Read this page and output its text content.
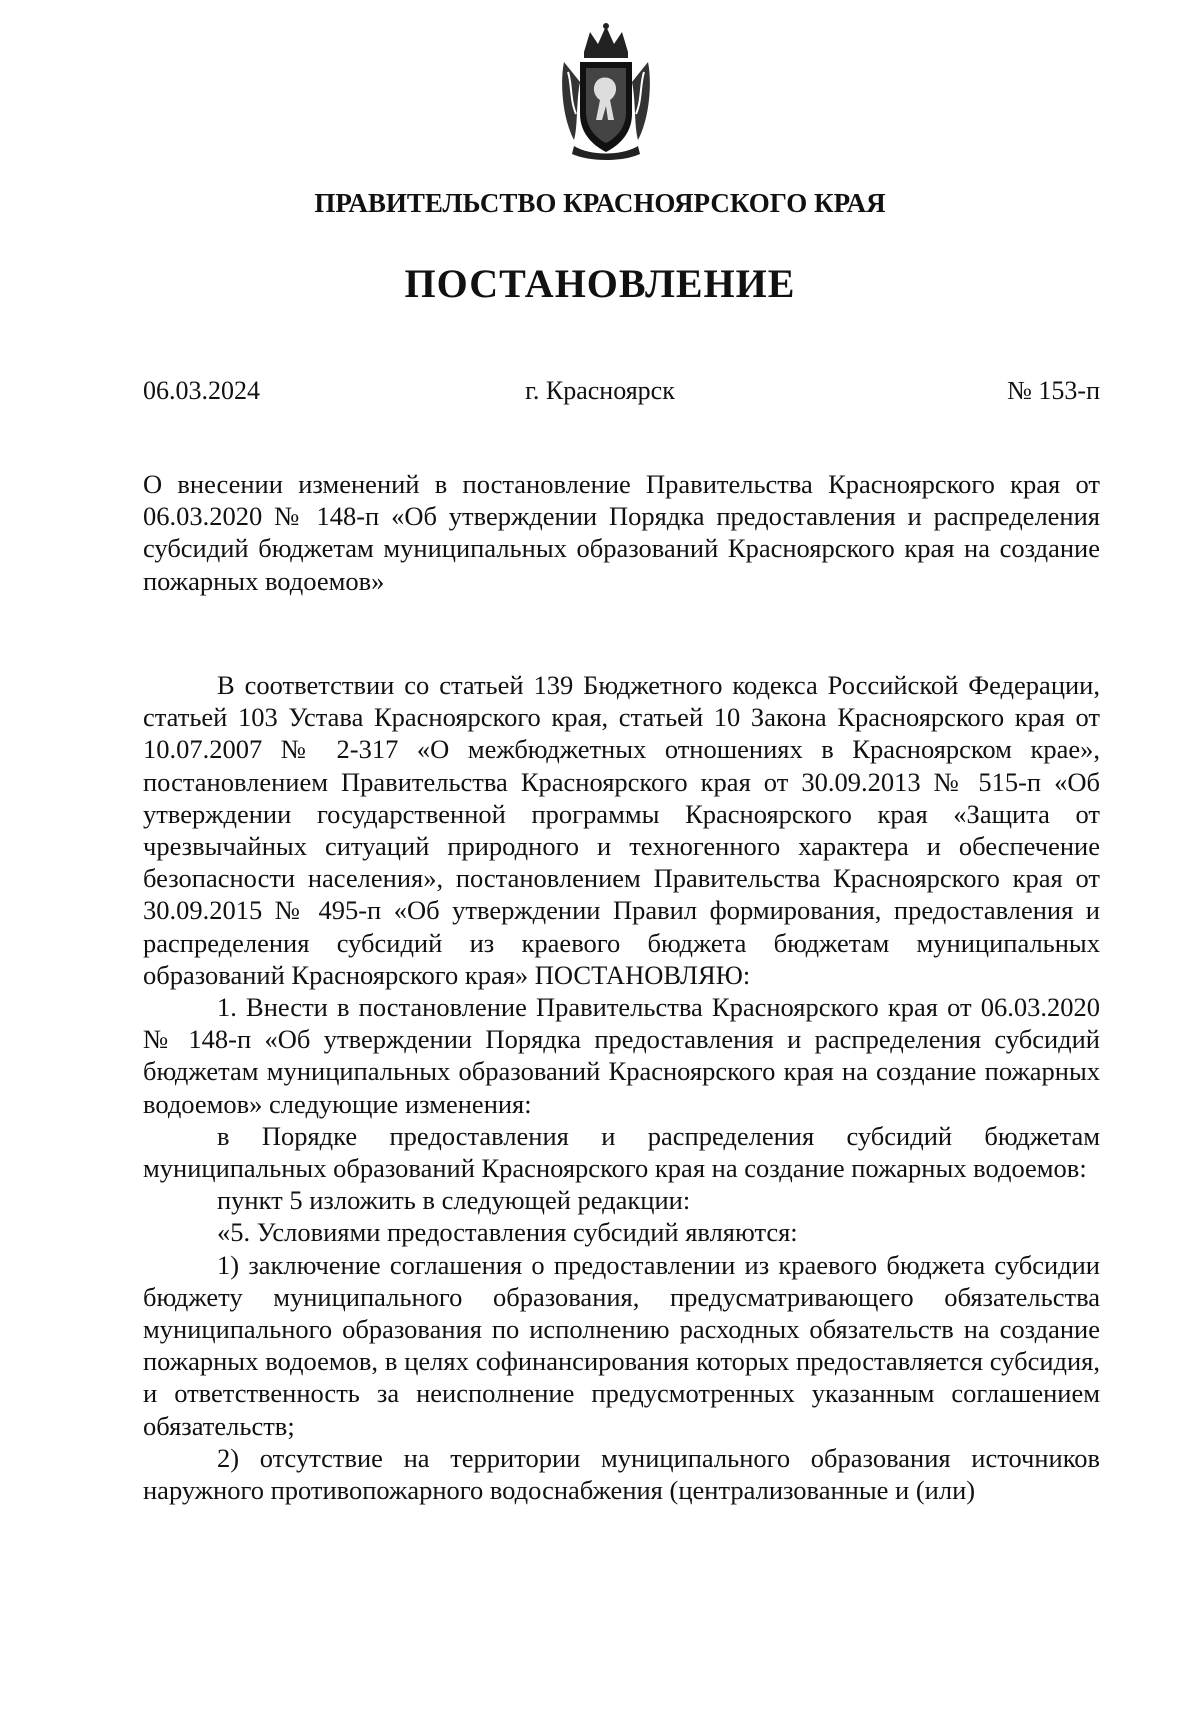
ПРАВИТЕЛЬСТВО КРАСНОЯРСКОГО КРАЯ
ПОСТАНОВЛЕНИЕ
06.03.2024	г. Красноярск	№ 153-п

О внесении изменений в постановление Правительства Красноярского края от 06.03.2020 № 148-п «Об утверждении Порядка предоставления и распределения субсидий бюджетам муниципальных образований Красноярского края на создание пожарных водоемов»

В соответствии со статьей 139 Бюджетного кодекса Российской Федерации, статьей 103 Устава Красноярского края, статьей 10 Закона Красноярского края от 10.07.2007 № 2-317 «О межбюджетных отношениях в Красноярском крае», постановлением Правительства Красноярского края от 30.09.2013 № 515-п «Об утверждении государственной программы Красноярского края «Защита от чрезвычайных ситуаций природного и техногенного характера и обеспечение безопасности населения», постановлением Правительства Красноярского края от 30.09.2015 № 495-п «Об утверждении Правил формирования, предоставления и распределения субсидий из краевого бюджета бюджетам муниципальных образований Красноярского края» ПОСТАНОВЛЯЮ:

1. Внести в постановление Правительства Красноярского края от 06.03.2020 № 148-п «Об утверждении Порядка предоставления и распределения субсидий бюджетам муниципальных образований Красноярского края на создание пожарных водоемов» следующие изменения:

в Порядке предоставления и распределения субсидий бюджетам муниципальных образований Красноярского края на создание пожарных водоемов:

пункт 5 изложить в следующей редакции:

«5. Условиями предоставления субсидий являются:

1) заключение соглашения о предоставлении из краевого бюджета субсидии бюджету муниципального образования, предусматривающего обязательства муниципального образования по исполнению расходных обязательств на создание пожарных водоемов, в целях софинансирования которых предоставляется субсидия, и ответственность за неисполнение предусмотренных указанным соглашением обязательств;

2) отсутствие на территории муниципального образования источников наружного противопожарного водоснабжения (централизованные и (или)
